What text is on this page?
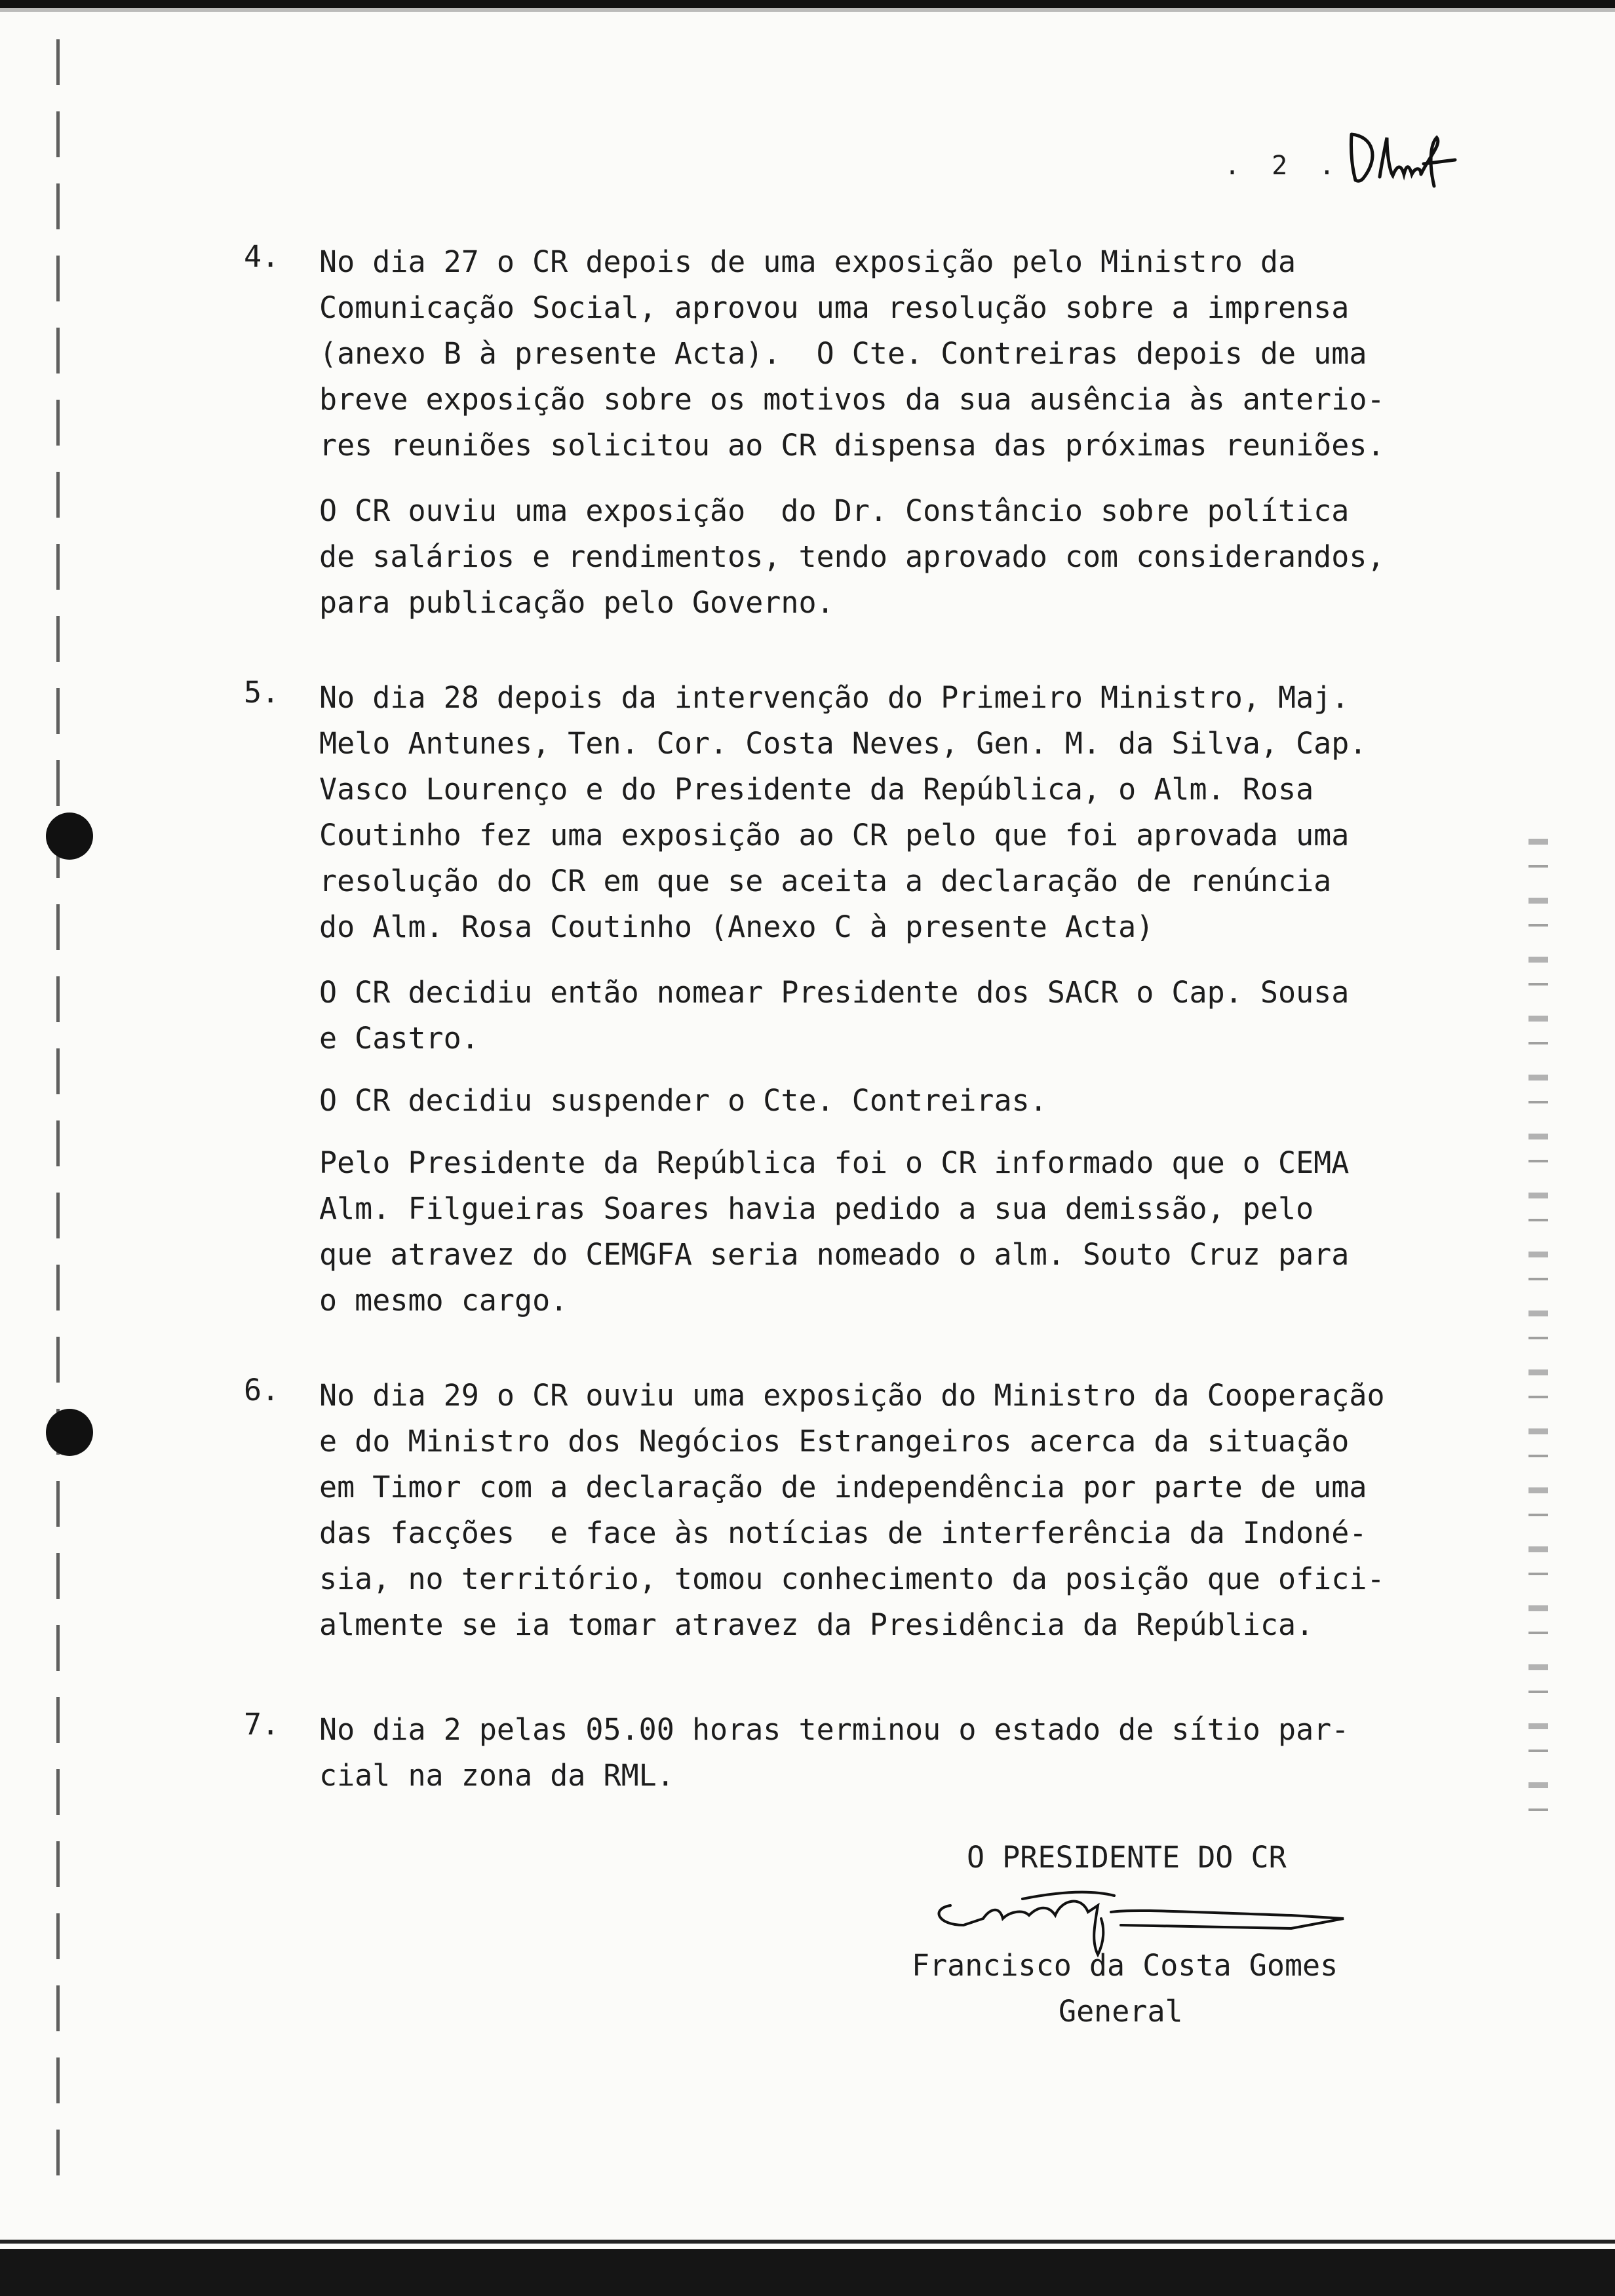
. 2 .
4. No dia 27 o CR depois de uma exposição pelo Ministro da
Comunicação Social, aprovou uma resolução sobre a imprensa
(anexo B à presente Acta).  O Cte. Contreiras depois de uma
breve exposição sobre os motivos da sua ausência às anterio-
res reuniões solicitou ao CR dispensa das próximas reuniões.
O CR ouviu uma exposição  do Dr. Constâncio sobre política
de salários e rendimentos, tendo aprovado com considerandos,
para publicação pelo Governo.
5. No dia 28 depois da intervenção do Primeiro Ministro, Maj.
Melo Antunes, Ten. Cor. Costa Neves, Gen. M. da Silva, Cap.
Vasco Lourenço e do Presidente da República, o Alm. Rosa
Coutinho fez uma exposição ao CR pelo que foi aprovada uma
resolução do CR em que se aceita a declaração de renúncia
do Alm. Rosa Coutinho (Anexo C à presente Acta)
O CR decidiu então nomear Presidente dos SACR o Cap. Sousa
e Castro.
O CR decidiu suspender o Cte. Contreiras.
Pelo Presidente da República foi o CR informado que o CEMA
Alm. Filgueiras Soares havia pedido a sua demissão, pelo
que atravez do CEMGFA seria nomeado o alm. Souto Cruz para
o mesmo cargo.
6. No dia 29 o CR ouviu uma exposição do Ministro da Cooperação
e do Ministro dos Negócios Estrangeiros acerca da situação
em Timor com a declaração de independência por parte de uma
das facções  e face às notícias de interferência da Indoné-
sia, no território, tomou conhecimento da posição que ofici-
almente se ia tomar atravez da Presidência da República.
7. No dia 2 pelas 05.00 horas terminou o estado de sítio par-
cial na zona da RML.
O PRESIDENTE DO CR
Francisco da Costa Gomes
General
